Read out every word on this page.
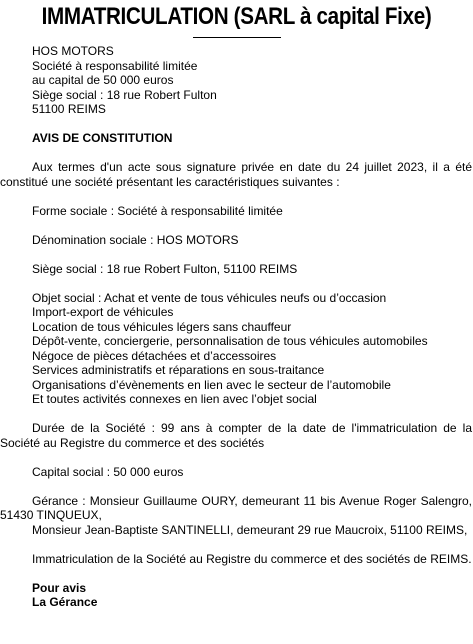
IMMATRICULATION (SARL à capital Fixe)
HOS MOTORS
Société à responsabilité limitée
au capital de 50 000 euros
Siège social : 18 rue Robert Fulton
51100 REIMS
AVIS DE CONSTITUTION
Aux termes d'un acte sous signature privée en date du 24 juillet 2023, il a été constitué une société présentant les caractéristiques suivantes :
Forme sociale : Société à responsabilité limitée
Dénomination sociale : HOS MOTORS
Siège social : 18 rue Robert Fulton, 51100 REIMS
Objet social : Achat et vente de tous véhicules neufs ou d’occasion
Import-export de véhicules
Location de tous véhicules légers sans chauffeur
Dépôt-vente, conciergerie, personnalisation de tous véhicules automobiles
Négoce de pièces détachées et d’accessoires
Services administratifs et réparations en sous-traitance
Organisations d’évènements en lien avec le secteur de l’automobile
Et toutes activités connexes en lien avec l’objet social
Durée de la Société : 99 ans à compter de la date de l'immatriculation de la Société au Registre du commerce et des sociétés
Capital social : 50 000 euros
Gérance : Monsieur Guillaume OURY, demeurant 11 bis Avenue Roger Salengro, 51430 TINQUEUX,
Monsieur Jean-Baptiste SANTINELLI, demeurant 29 rue Maucroix, 51100 REIMS,
Immatriculation de la Société au Registre du commerce et des sociétés de REIMS.
Pour avis
La Gérance
